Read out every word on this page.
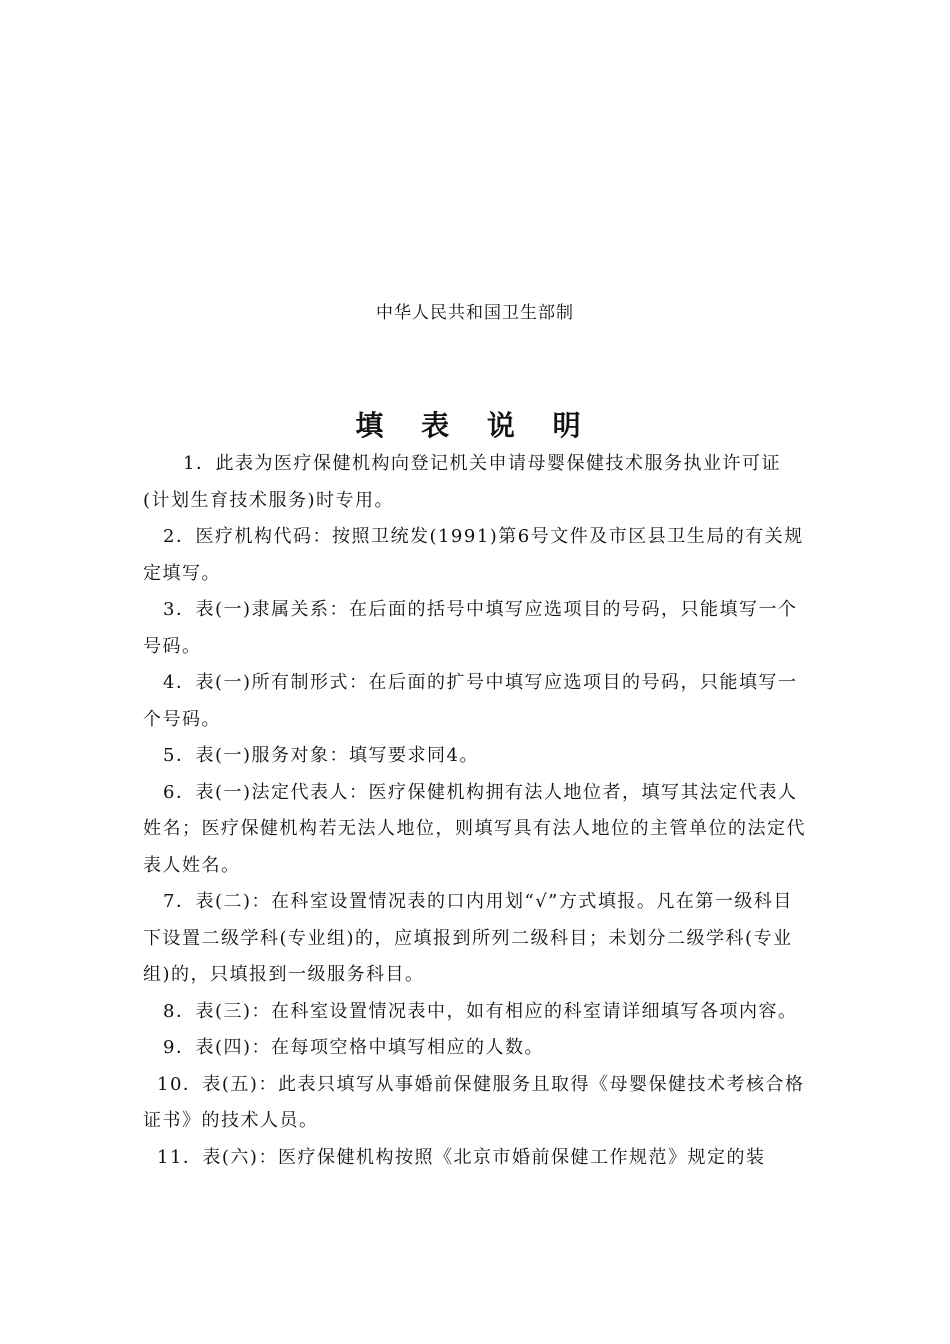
中华人民共和国卫生部制
填 表 说 明

1．此表为医疗保健机构向登记机关申请母婴保健技术服务执业许可证(计划生育技术服务)时专用。

2．医疗机构代码：按照卫统发(1991)第6号文件及市区县卫生局的有关规定填写。

3．表(一)隶属关系：在后面的括号中填写应选项目的号码，只能填写一个号码。

4．表(一)所有制形式：在后面的扩号中填写应选项目的号码，只能填写一个号码。

5．表(一)服务对象：填写要求同4。

6．表(一)法定代表人：医疗保健机构拥有法人地位者，填写其法定代表人姓名；医疗保健机构若无法人地位，则填写具有法人地位的主管单位的法定代表人姓名。

7．表(二)：在科室设置情况表的口内用划“√”方式填报。凡在第一级科目下设置二级学科(专业组)的，应填报到所列二级科目；未划分二级学科(专业组)的，只填报到一级服务科目。

8．表(三)：在科室设置情况表中，如有相应的科室请详细填写各项内容。

9．表(四)：在每项空格中填写相应的人数。

10．表(五)：此表只填写从事婚前保健服务且取得《母婴保健技术考核合格证书》的技术人员。

11．表(六)：医疗保健机构按照《北京市婚前保健工作规范》规定的装
